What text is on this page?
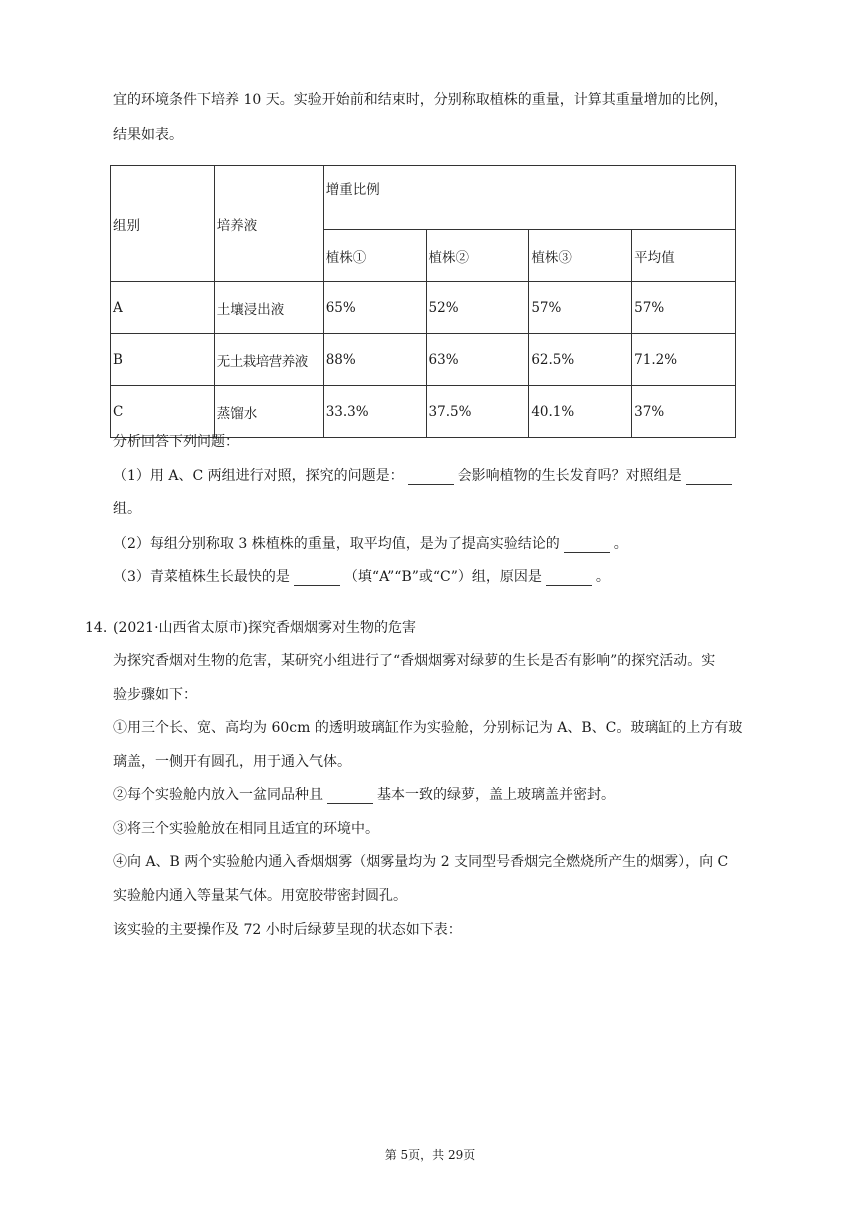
宜的环境条件下培养 10 天。实验开始前和结束时，分别称取植株的重量，计算其重量增加的比例，
结果如表。
组别	培养液	增重比例			
		植株①	植株②	植株③	平均值
A	土壤浸出液	65%	52%	57%	57%
B	无土栽培营养液	88%	63%	62.5%	71.2%
C	蒸馏水	33.3%	37.5%	40.1%	37%
分析回答下列问题：
（1）用 A、C 两组进行对照，探究的问题是：	会影响植物的生长发育吗？对照组是
组。
（2）每组分别称取 3 株植株的重量，取平均值，是为了提高实验结论的	。
（3）青菜植株生长最快的是	（填“A”“B”或“C”）组，原因是	。
14. (2021·山西省太原市)探究香烟烟雾对生物的危害
为探究香烟对生物的危害，某研究小组进行了“香烟烟雾对绿萝的生长是否有影响”的探究活动。实
验步骤如下：
①用三个长、宽、高均为 60cm 的透明玻璃缸作为实验舱，分别标记为 A、B、C。玻璃缸的上方有玻
璃盖，一侧开有圆孔，用于通入气体。
②每个实验舱内放入一盆同品种且	基本一致的绿萝，盖上玻璃盖并密封。
③将三个实验舱放在相同且适宜的环境中。
④向 A、B 两个实验舱内通入香烟烟雾（烟雾量均为 2 支同型号香烟完全燃烧所产生的烟雾），向 C
实验舱内通入等量某气体。用宽胶带密封圆孔。
该实验的主要操作及 72 小时后绿萝呈现的状态如下表：
第 5页，共 29页
